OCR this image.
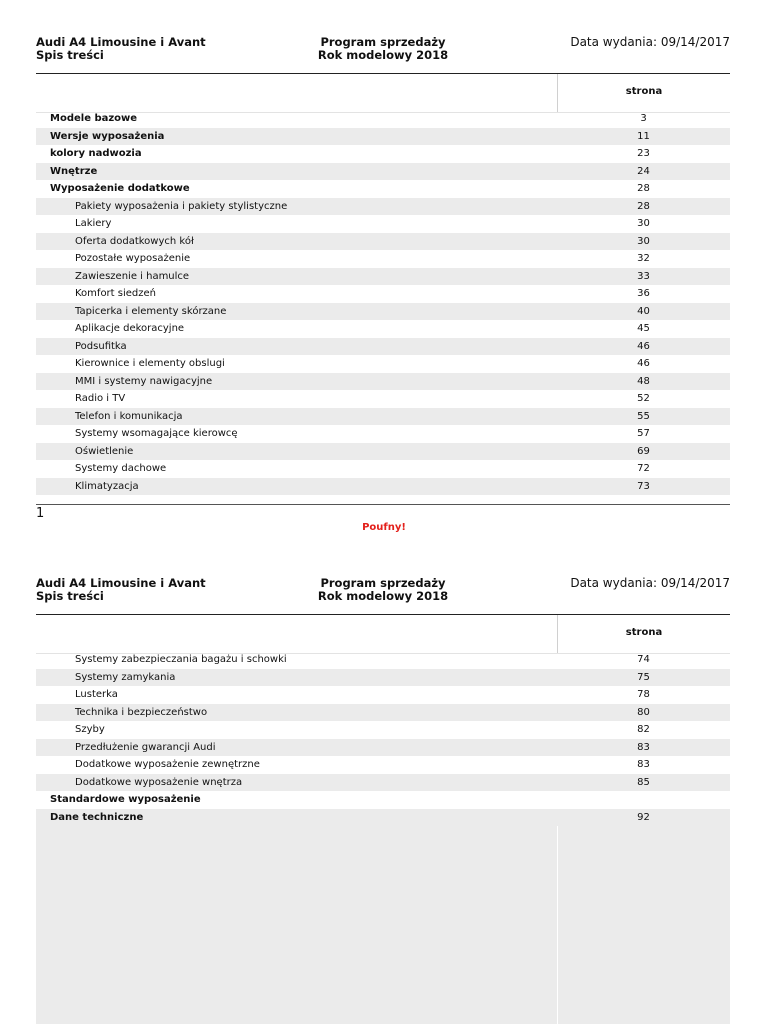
Audi A4 Limousine i Avant
Spis treści
Program sprzedaży
Rok modelowy 2018
Data wydania: 09/14/2017
strona
Modele bazowe	3
Wersje wyposażenia	11
kolory nadwozia	23
Wnętrze	24
Wyposażenie dodatkowe	28
Pakiety wyposażenia i pakiety stylistyczne	28
Lakiery	30
Oferta dodatkowych kół	30
Pozostałe wyposażenie	32
Zawieszenie i hamulce	33
Komfort siedzeń	36
Tapicerka i elementy skórzane	40
Aplikacje dekoracyjne	45
Podsufitka	46
Kierownice i elementy obslugi	46
MMI i systemy nawigacyjne	48
Radio i TV	52
Telefon i komunikacja	55
Systemy wsomagające kierowcę	57
Oświetlenie	69
Systemy dachowe	72
Klimatyzacja	73
1
Poufny!
Audi A4 Limousine i Avant
Spis treści
Program sprzedaży
Rok modelowy 2018
Data wydania: 09/14/2017
strona
Systemy zabezpieczania bagażu i schowki	74
Systemy zamykania	75
Lusterka	78
Technika i bezpieczeństwo	80
Szyby	82
Przedłużenie gwarancji Audi	83
Dodatkowe wyposażenie zewnętrzne	83
Dodatkowe wyposażenie wnętrza	85
Standardowe wyposażenie
Dane techniczne	92
